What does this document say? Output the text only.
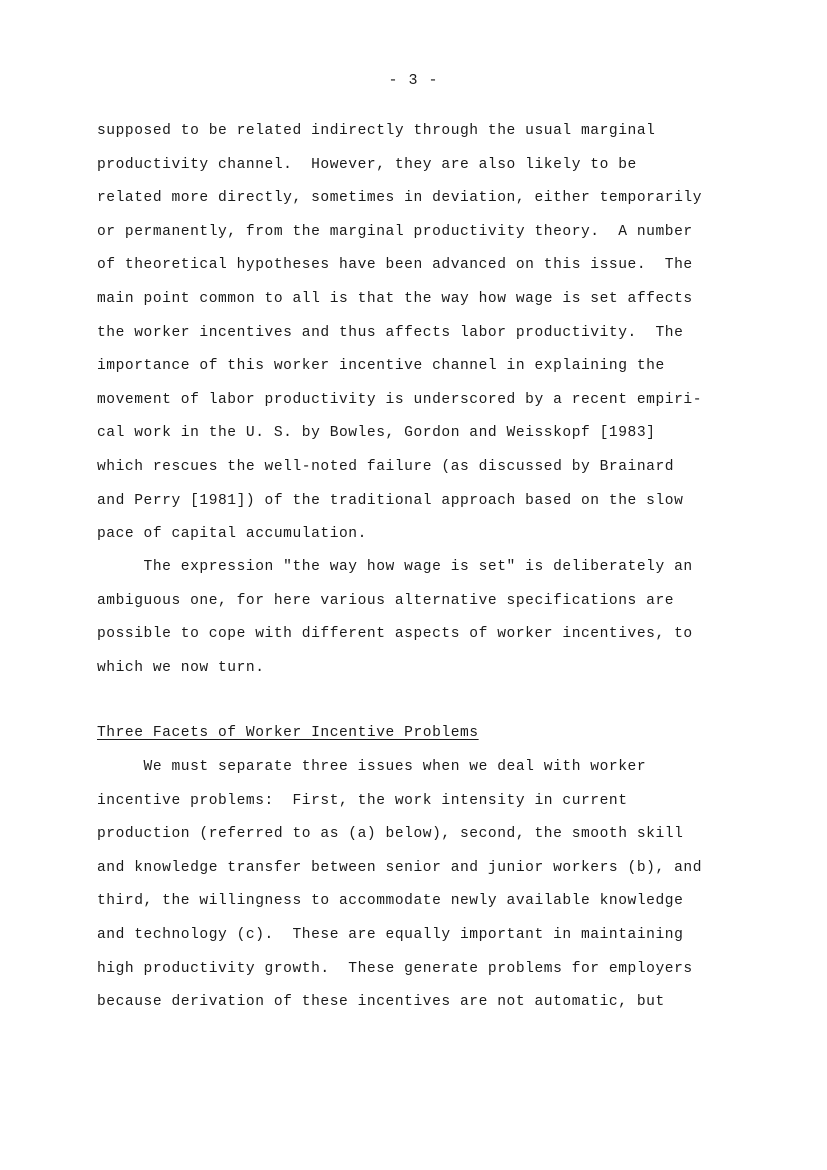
- 3 -
supposed to be related indirectly through the usual marginal
productivity channel.  However, they are also likely to be
related more directly, sometimes in deviation, either temporarily
or permanently, from the marginal productivity theory.  A number
of theoretical hypotheses have been advanced on this issue.  The
main point common to all is that the way how wage is set affects
the worker incentives and thus affects labor productivity.  The
importance of this worker incentive channel in explaining the
movement of labor productivity is underscored by a recent empiri-
cal work in the U. S. by Bowles, Gordon and Weisskopf [1983]
which rescues the well-noted failure (as discussed by Brainard
and Perry [1981]) of the traditional approach based on the slow
pace of capital accumulation.
The expression "the way how wage is set" is deliberately an
ambiguous one, for here various alternative specifications are
possible to cope with different aspects of worker incentives, to
which we now turn.
Three Facets of Worker Incentive Problems
We must separate three issues when we deal with worker
incentive problems:  First, the work intensity in current
production (referred to as (a) below), second, the smooth skill
and knowledge transfer between senior and junior workers (b), and
third, the willingness to accommodate newly available knowledge
and technology (c).  These are equally important in maintaining
high productivity growth.  These generate problems for employers
because derivation of these incentives are not automatic, but
